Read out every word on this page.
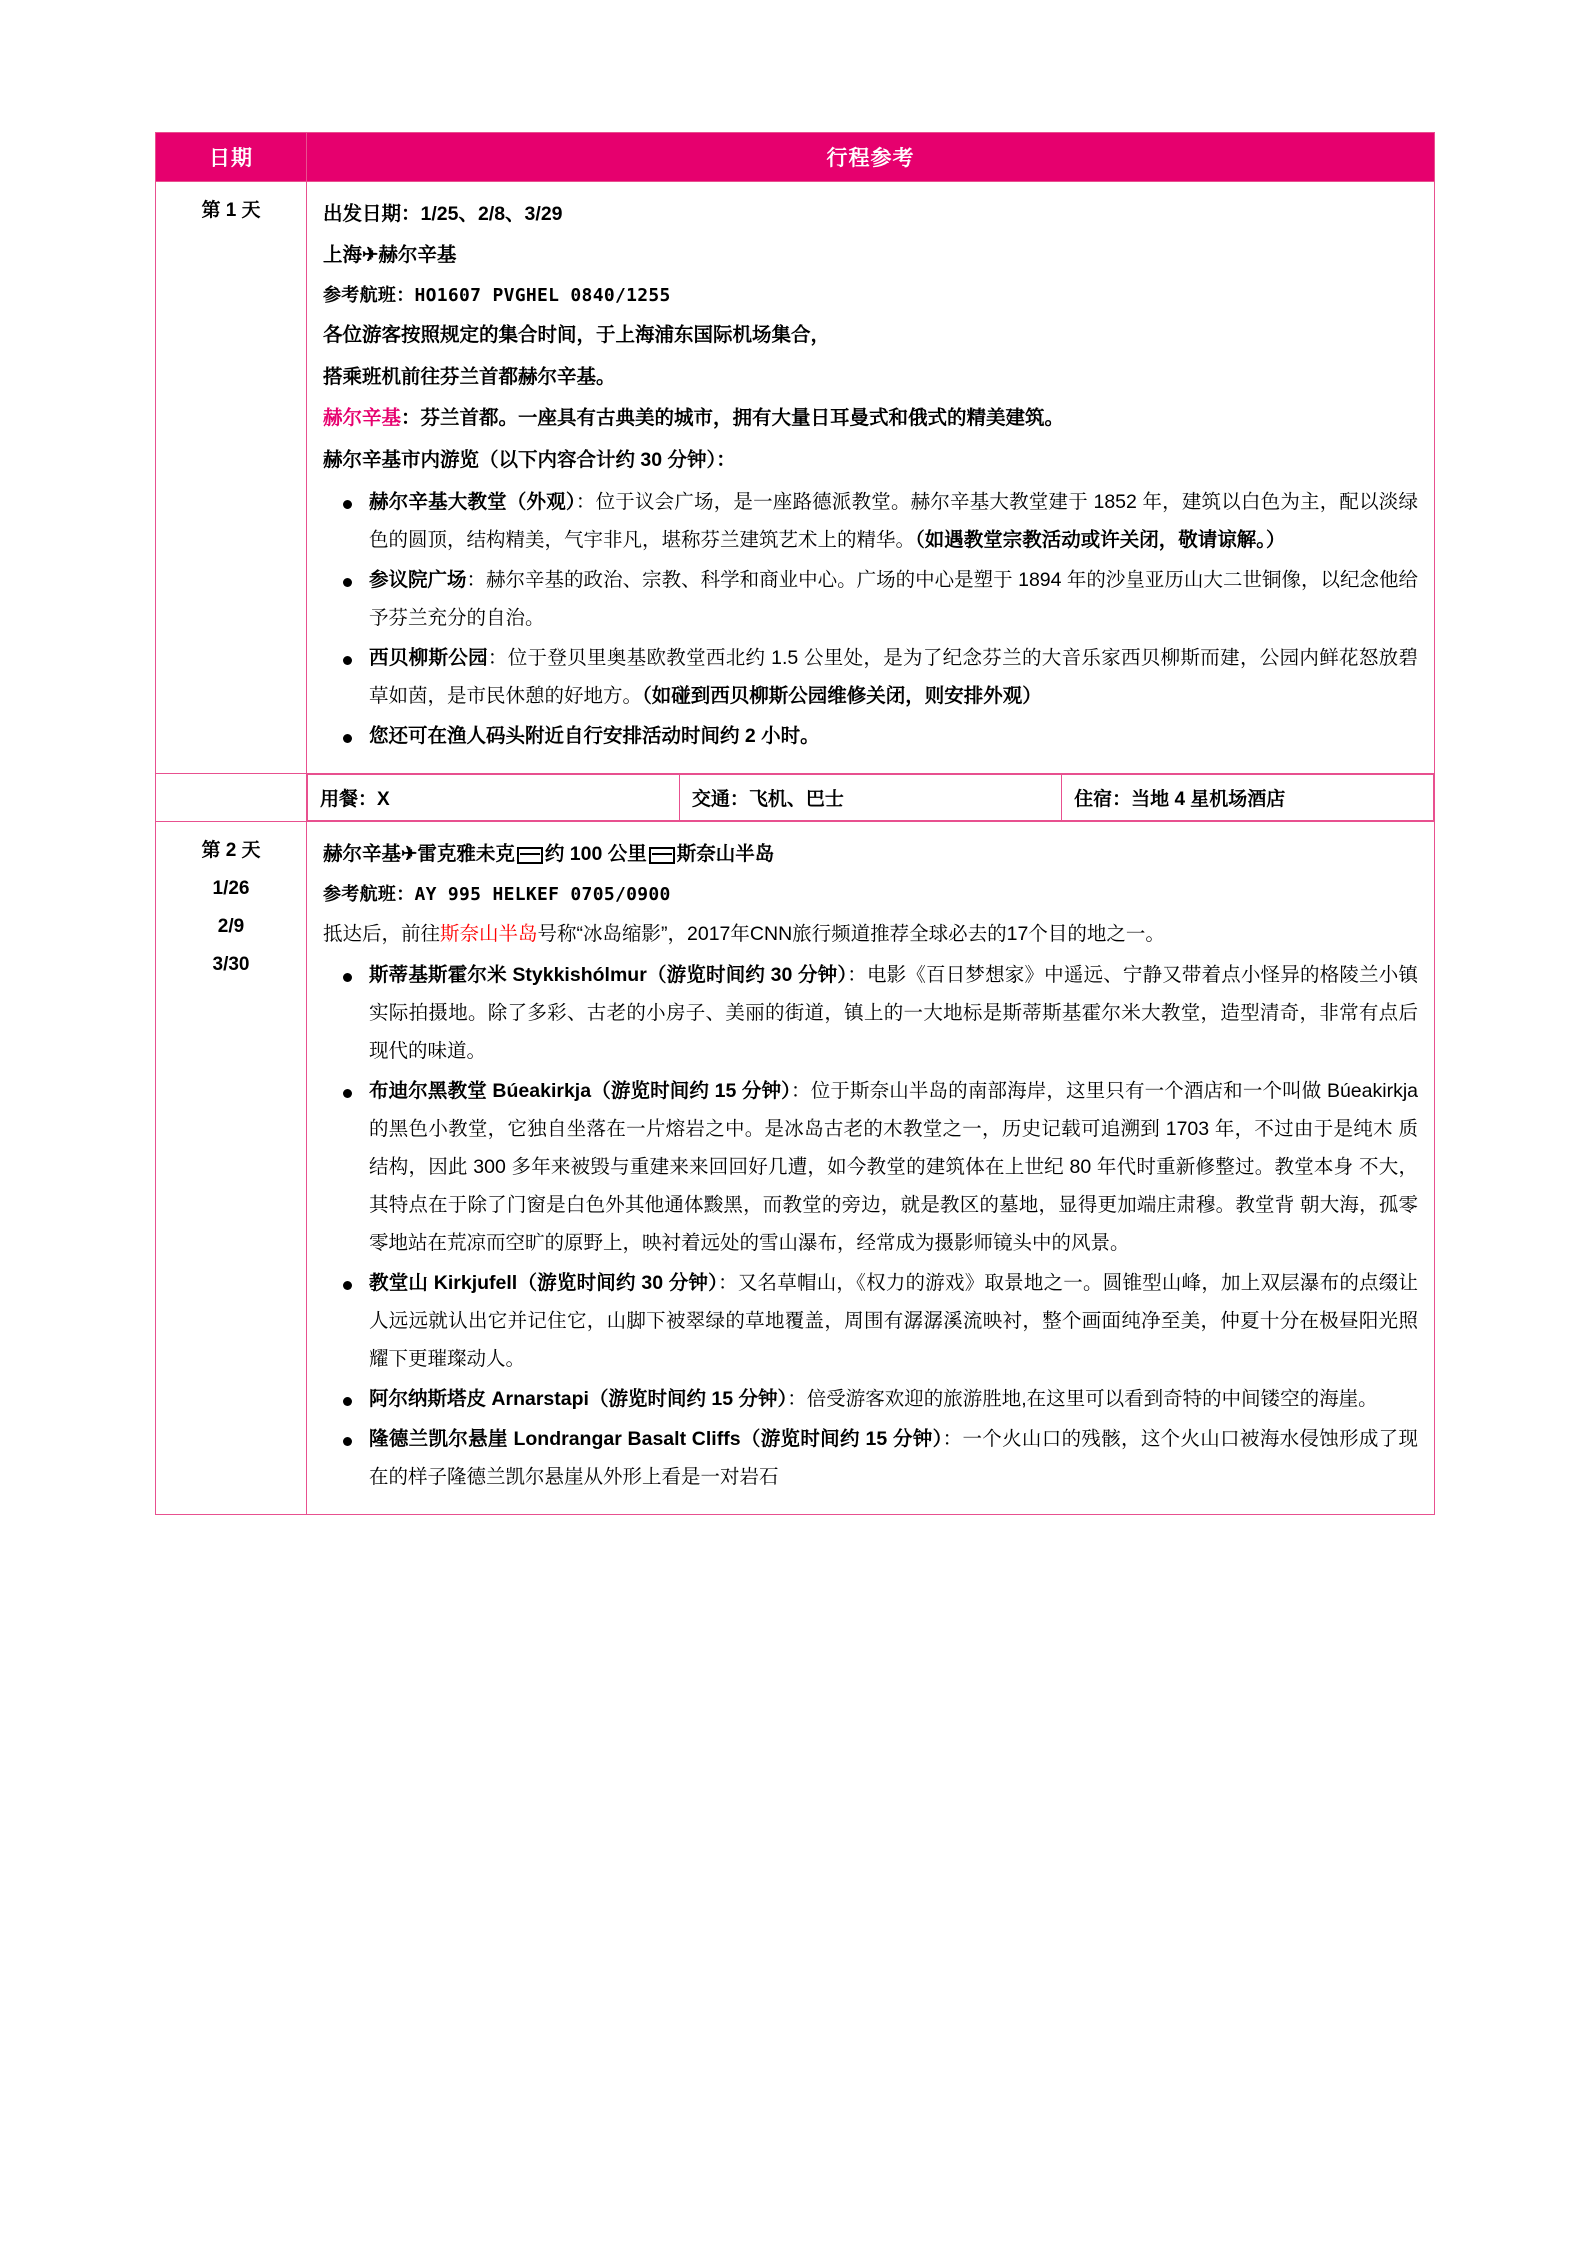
日期	行程参考

第 1 天	出发日期：1/25、2/8、3/29
上海✈赫尔辛基
参考航班：HO1607 PVGHEL 0840/1255
各位游客按照规定的集合时间，于上海浦东国际机场集合，
搭乘班机前往芬兰首都赫尔辛基。
赫尔辛基：芬兰首都。一座具有古典美的城市，拥有大量日耳曼式和俄式的精美建筑。
赫尔辛基市内游览（以下内容合计约 30 分钟）：
赫尔辛基大教堂（外观）：位于议会广场，是一座路德派教堂。赫尔辛基大教堂建于 1852 年，建筑以白色为主，配以淡绿色的圆顶，结构精美，气宇非凡，堪称芬兰建筑艺术上的精华。（如遇教堂宗教活动或许关闭，敬请谅解。）
参议院广场：赫尔辛基的政治、宗教、科学和商业中心。广场的中心是塑于 1894 年的沙皇亚历山大二世铜像，以纪念他给予芬兰充分的自治。
西贝柳斯公园：位于登贝里奥基欧教堂西北约 1.5 公里处，是为了纪念芬兰的大音乐家西贝柳斯而建，公园内鲜花怒放碧草如茵，是市民休憩的好地方。（如碰到西贝柳斯公园维修关闭，则安排外观）
您还可在渔人码头附近自行安排活动时间约 2 小时。

用餐：X	交通：飞机、巴士	住宿：当地 4 星机场酒店

第 2 天
1/26
2/9
3/30

赫尔辛基✈雷克雅未克 约 100 公里 斯奈山半岛
参考航班：AY 995 HELKEF 0705/0900
抵达后，前往斯奈山半岛号称“冰岛缩影”，2017年CNN旅行频道推荐全球必去的17个目的地之一。
斯蒂基斯霍尔米 Stykkishólmur（游览时间约 30 分钟）：电影《百日梦想家》中遥远、宁静又带着点小怪异的格陵兰小镇实际拍摄地。除了多彩、古老的小房子、美丽的街道，镇上的一大地标是斯蒂斯基霍尔米大教堂，造型清奇，非常有点后现代的味道。
布迪尔黑教堂 Búeakirkja（游览时间约 15 分钟）：位于斯奈山半岛的南部海岸，这里只有一个酒店和一个叫做 Búeakirkja 的黑色小教堂，它独自坐落在一片熔岩之中。是冰岛古老的木教堂之一，历史记载可追溯到 1703 年，不过由于是纯木 质结构，因此 300 多年来被毁与重建来来回回好几遭，如今教堂的建筑体在上世纪 80 年代时重新修整过。教堂本身 不大，其特点在于除了门窗是白色外其他通体黢黑，而教堂的旁边，就是教区的墓地，显得更加端庄肃穆。教堂背 朝大海，孤零零地站在荒凉而空旷的原野上，映衬着远处的雪山瀑布，经常成为摄影师镜头中的风景。
教堂山 Kirkjufell（游览时间约 30 分钟）：又名草帽山，《权力的游戏》取景地之一。圆锥型山峰，加上双层瀑布的点缀让人远远就认出它并记住它，山脚下被翠绿的草地覆盖，周围有潺潺溪流映衬，整个画面纯净至美，仲夏十分在极昼阳光照耀下更璀璨动人。
阿尔纳斯塔皮 Arnarstapi（游览时间约 15 分钟）：倍受游客欢迎的旅游胜地,在这里可以看到奇特的中间镂空的海崖。
隆德兰凯尔悬崖 Londrangar Basalt Cliffs（游览时间约 15 分钟）：一个火山口的残骸，这个火山口被海水侵蚀形成了现在的样子隆德兰凯尔悬崖从外形上看是一对岩石
